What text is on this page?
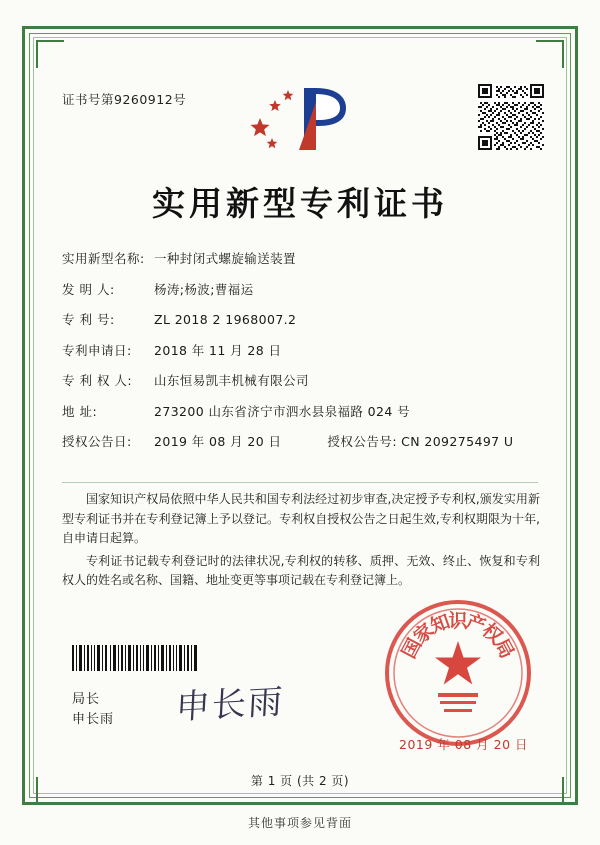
证书号第9260912号
实用新型专利证书
实用新型名称: 一种封闭式螺旋输送装置
发 明 人:	杨涛;杨波;曹福运
专 利 号:	ZL 2018 2 1968007.2
专利申请日:	2018 年 11 月 28 日
专 利 权 人:	山东恒易凯丰机械有限公司
地 址:	273200 山东省济宁市泗水县泉福路 024 号
授权公告日:	2019 年 08 月 20 日	授权公告号: CN 209275497 U

国家知识产权局依照中华人民共和国专利法经过初步审查,决定授予专利权,颁发实用新型专利证书并在专利登记簿上予以登记。专利权自授权公告之日起生效,专利权期限为十年,自申请日起算。

专利证书记载专利登记时的法律状况,专利权的转移、质押、无效、终止、恢复和专利权人的姓名或名称、国籍、地址变更等事项记载在专利登记簿上。

局长
申长雨 申长雨
国
家
知
识
产
权
局
2019 年 08 月 20 日
第 1 页 (共 2 页)
其他事项参见背面
